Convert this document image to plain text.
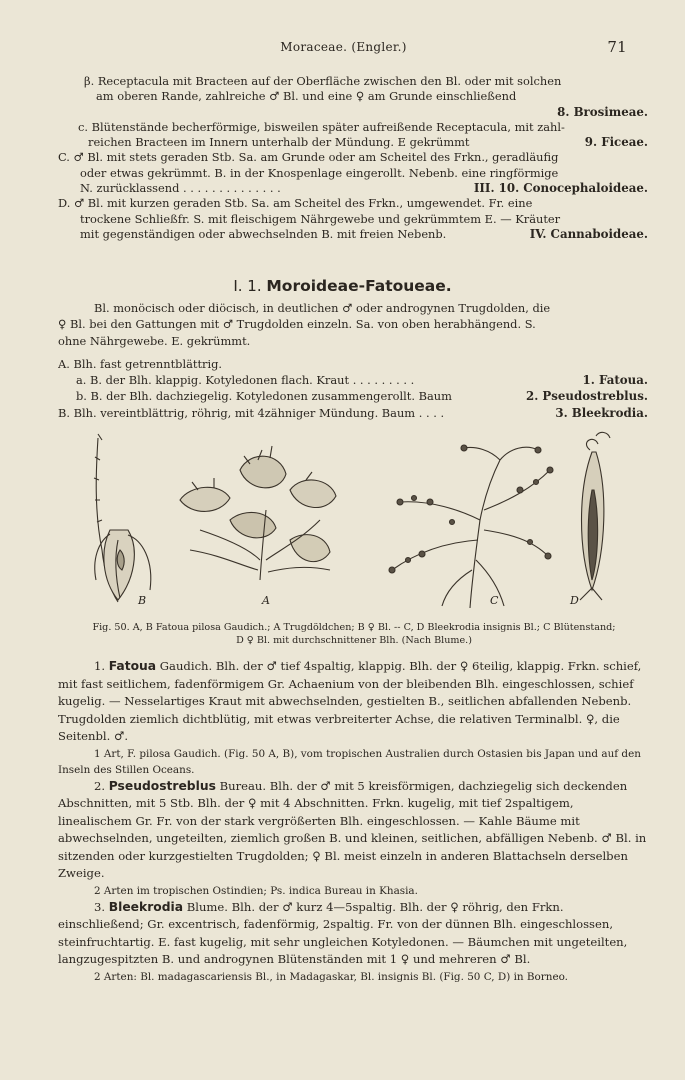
Moraceae. (Engler.)	71
β. Receptacula mit Bracteen auf der Oberfläche zwischen den Bl. oder mit solchen
am oberen Rande, zahlreiche ♂ Bl. und eine ♀ am Grunde einschließend
8. Brosimeae.
c. Blütenstände becherförmige, bisweilen später aufreißende Receptacula, mit zahl-
reichen Bracteen im Innern unterhalb der Mündung. E gekrümmt	9. Ficeae.
C. ♂ Bl. mit stets geraden Stb. Sa. am Grunde oder am Scheitel des Frkn., geradläufig
oder etwas gekrümmt. B. in der Knospenlage eingerollt. Nebenb. eine ringförmige
N. zurücklassend . . . . . . . . . . . . . .	III. 10. Conocephaloideae.
D. ♂ Bl. mit kurzen geraden Stb. Sa. am Scheitel des Frkn., umgewendet. Fr. eine
trockene Schließfr. S. mit fleischigem Nährgewebe und gekrümmtem E. — Kräuter
mit gegenständigen oder abwechselnden B. mit freien Nebenb.	IV. Cannaboideae.
I. 1. Moroideae-Fatoueae.
Bl. monöcisch oder diöcisch, in deutlichen ♂ oder androgynen Trugdolden, die
♀ Bl. bei den Gattungen mit ♂ Trugdolden einzeln. Sa. von oben herabhängend. S.
ohne Nährgewebe. E. gekrümmt.
A. Blh. fast getrenntblättrig.
a. B. der Blh. klappig. Kotyledonen flach. Kraut . . . . . . . . .	1. Fatoua.
b. B. der Blh. dachziegelig. Kotyledonen zusammengerollt. Baum	2. Pseudostreblus.
B. Blh. vereintblättrig, röhrig, mit 4zähniger Mündung. Baum . . . .	3. Bleekrodia.
B	A	C	D
Fig. 50. A, B Fatoua pilosa Gaudich.; A Trugdöldchen; B ♀ Bl. -- C, D Bleekrodia insignis Bl.; C Blütenstand;
D ♀ Bl. mit durchschnittener Blh. (Nach Blume.)

1. Fatoua Gaudich. Blh. der ♂ tief 4spaltig, klappig. Blh. der ♀ 6teilig, klappig. Frkn. schief, mit fast seitlichem, fadenförmigem Gr. Achaenium von der bleibenden Blh. eingeschlossen, schief kugelig. — Nesselartiges Kraut mit abwechselnden, gestielten B., seitlichen abfallenden Nebenb. Trugdolden ziemlich dichtblütig, mit etwas verbreiterter Achse, die relativen Terminalbl. ♀, die Seitenbl. ♂.

1 Art, F. pilosa Gaudich. (Fig. 50 A, B), vom tropischen Australien durch Ostasien bis Japan und auf den Inseln des Stillen Oceans.

2. Pseudostreblus Bureau. Blh. der ♂ mit 5 kreisförmigen, dachziegelig sich deckenden Abschnitten, mit 5 Stb. Blh. der ♀ mit 4 Abschnitten. Frkn. kugelig, mit tief 2spaltigem, linealischem Gr. Fr. von der stark vergrößerten Blh. eingeschlossen. — Kahle Bäume mit abwechselnden, ungeteilten, ziemlich großen B. und kleinen, seitlichen, abfälligen Nebenb. ♂ Bl. in sitzenden oder kurzgestielten Trugdolden; ♀ Bl. meist einzeln in anderen Blattachseln derselben Zweige.

2 Arten im tropischen Ostindien; Ps. indica Bureau in Khasia.

3. Bleekrodia Blume. Blh. der ♂ kurz 4—5spaltig. Blh. der ♀ röhrig, den Frkn. einschließend; Gr. excentrisch, fadenförmig, 2spaltig. Fr. von der dünnen Blh. eingeschlossen, steinfruchtartig. E. fast kugelig, mit sehr ungleichen Kotyledonen. — Bäumchen mit ungeteilten, langzugespitzten B. und androgynen Blütenständen mit 1 ♀ und mehreren ♂ Bl.

2 Arten: Bl. madagascariensis Bl., in Madagaskar, Bl. insignis Bl. (Fig. 50 C, D) in Borneo.
